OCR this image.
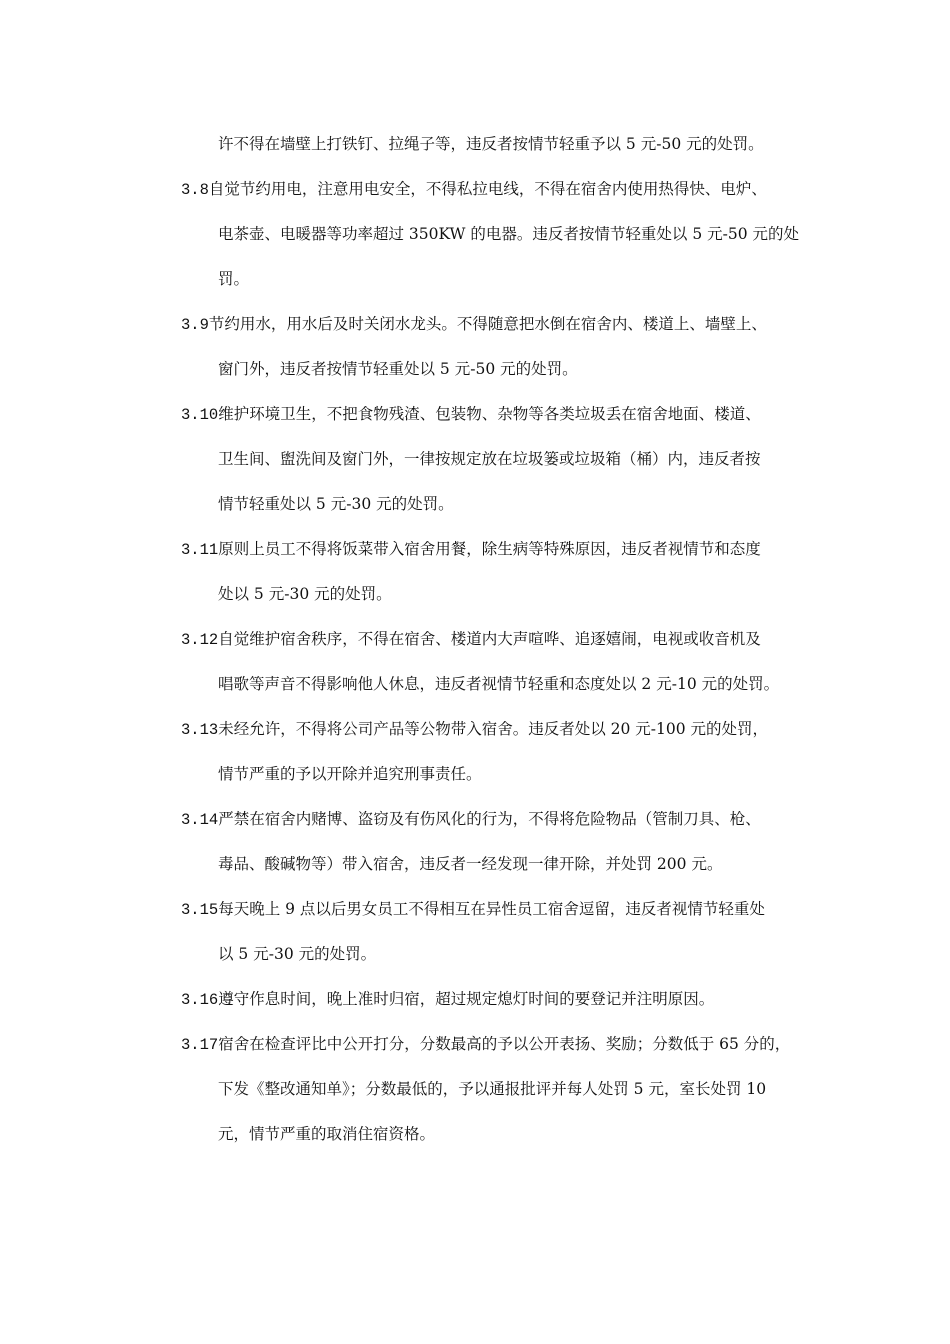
许不得在墙壁上打铁钉、拉绳子等，违反者按情节轻重予以 5 元-50 元的处罚。
3.8自觉节约用电，注意用电安全，不得私拉电线，不得在宿舍内使用热得快、电炉、
电茶壶、电暖器等功率超过 350KW 的电器。违反者按情节轻重处以 5 元-50 元的处
罚。
3.9节约用水，用水后及时关闭水龙头。不得随意把水倒在宿舍内、楼道上、墙壁上、
窗门外，违反者按情节轻重处以 5 元-50 元的处罚。
3.10维护环境卫生，不把食物残渣、包装物、杂物等各类垃圾丢在宿舍地面、楼道、
卫生间、盥洗间及窗门外，一律按规定放在垃圾篓或垃圾箱（桶）内，违反者按
情节轻重处以 5 元-30 元的处罚。
3.11原则上员工不得将饭菜带入宿舍用餐，除生病等特殊原因，违反者视情节和态度
处以 5 元-30 元的处罚。
3.12自觉维护宿舍秩序，不得在宿舍、楼道内大声喧哗、追逐嬉闹，电视或收音机及
唱歌等声音不得影响他人休息，违反者视情节轻重和态度处以 2 元-10 元的处罚。
3.13未经允许，不得将公司产品等公物带入宿舍。违反者处以 20 元-100 元的处罚，
情节严重的予以开除并追究刑事责任。
3.14严禁在宿舍内赌博、盗窃及有伤风化的行为，不得将危险物品（管制刀具、枪、
毒品、酸碱物等）带入宿舍，违反者一经发现一律开除，并处罚 200 元。
3.15每天晚上 9 点以后男女员工不得相互在异性员工宿舍逗留，违反者视情节轻重处
以 5 元-30 元的处罚。
3.16遵守作息时间，晚上准时归宿，超过规定熄灯时间的要登记并注明原因。
3.17宿舍在检查评比中公开打分，分数最高的予以公开表扬、奖励；分数低于 65 分的，
下发《整改通知单》；分数最低的，予以通报批评并每人处罚 5 元，室长处罚 10
元，情节严重的取消住宿资格。
